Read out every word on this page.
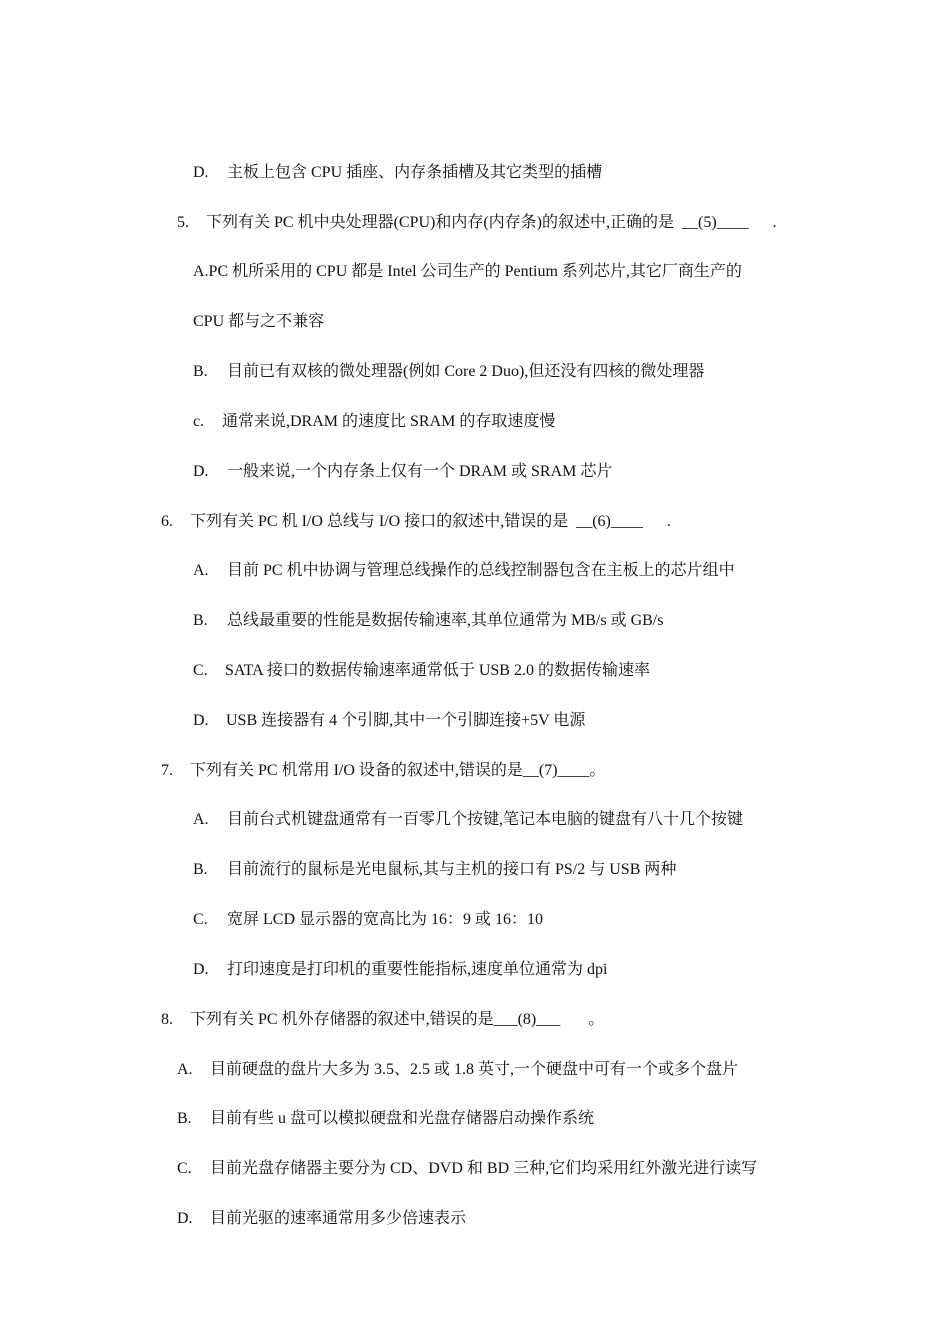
D. 主板上包含 CPU 插座、内存条插槽及其它类型的插槽

5. 下列有关 PC 机中央处理器(CPU)和内存(内存条)的叙述中,正确的是  __(5)____      .

A.PC 机所采用的 CPU 都是 Intel 公司生产的 Pentium 系列芯片,其它厂商生产的

CPU 都与之不兼容

B. 目前已有双核的微处理器(例如 Core 2 Duo),但还没有四核的微处理器

c. 通常来说,DRAM 的速度比 SRAM 的存取速度慢

D. 一般来说,一个内存条上仅有一个 DRAM 或 SRAM 芯片

6. 下列有关 PC 机 I/O 总线与 I/O 接口的叙述中,错误的是  __(6)____      .

A. 目前 PC 机中协调与管理总线操作的总线控制器包含在主板上的芯片组中

B. 总线最重要的性能是数据传输速率,其单位通常为 MB/s 或 GB/s

C. SATA 接口的数据传输速率通常低于 USB 2.0 的数据传输速率

D. USB 连接器有 4 个引脚,其中一个引脚连接+5V 电源

7. 下列有关 PC 机常用 I/O 设备的叙述中,错误的是__(7)____。

A. 目前台式机键盘通常有一百零几个按键,笔记本电脑的键盘有八十几个按键

B. 目前流行的鼠标是光电鼠标,其与主机的接口有 PS/2 与 USB 两种

C. 宽屏 LCD 显示器的宽高比为 16：9 或 16：10

D. 打印速度是打印机的重要性能指标,速度单位通常为 dpi

8. 下列有关 PC 机外存储器的叙述中,错误的是___(8)___       。

A. 目前硬盘的盘片大多为 3.5、2.5 或 1.8 英寸,一个硬盘中可有一个或多个盘片

B. 目前有些 u 盘可以模拟硬盘和光盘存储器启动操作系统

C. 目前光盘存储器主要分为 CD、DVD 和 BD 三种,它们均采用红外激光进行读写

D. 目前光驱的速率通常用多少倍速表示
